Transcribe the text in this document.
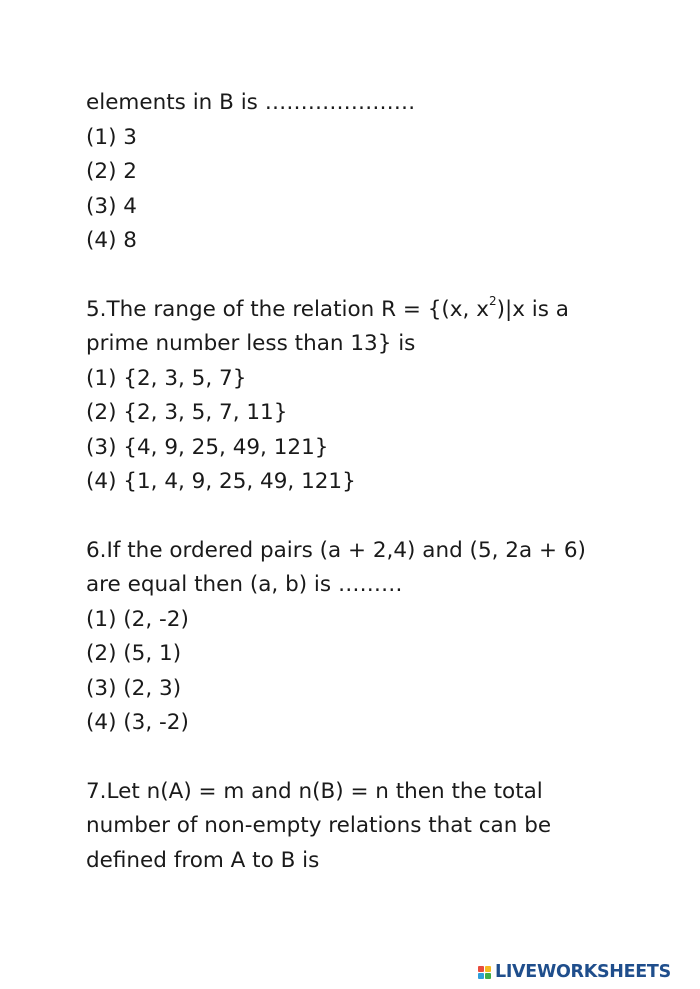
elements in B is …………………
(1) 3
(2) 2
(3) 4
(4) 8
5.The range of the relation R = {(x, $x^2)|x$ is a
prime number less than 13} is
(1) {2, 3, 5, 7}
(2) {2, 3, 5, 7, 11}
(3) {4, 9, 25, 49, 121}
(4) {1, 4, 9, 25, 49, 121}
6.If the ordered pairs (a + 2,4) and (5, 2a + 6)
are equal then (a, b) is ………
(1) (2, -2)
(2) (5, 1)
(3) (2, 3)
(4) (3, -2)
7.Let n(A) = m and n(B) = n then the total
number of non-empty relations that can be
defined from A to B is
LIVEWORKSHEETS
